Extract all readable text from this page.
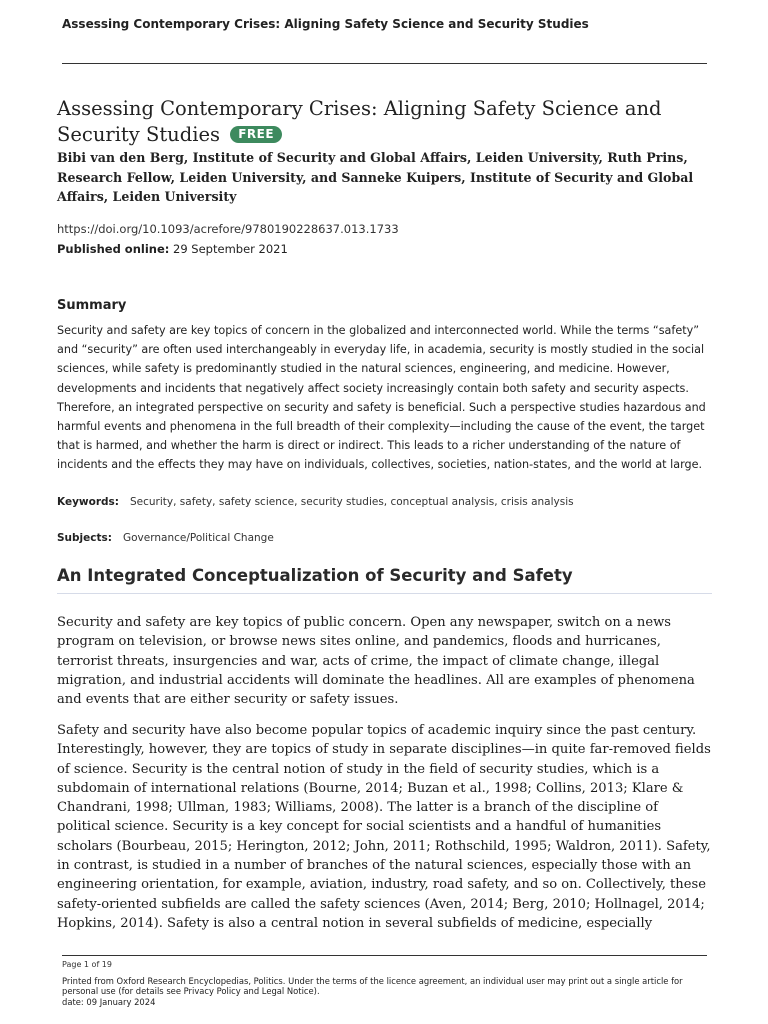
Assessing Contemporary Crises: Aligning Safety Science and Security Studies
Assessing Contemporary Crises: Aligning Safety Science and Security Studies FREE
Bibi van den Berg, Institute of Security and Global Affairs, Leiden University, Ruth Prins, Research Fellow, Leiden University, and Sanneke Kuipers, Institute of Security and Global Affairs, Leiden University
https://doi.org/10.1093/acrefore/9780190228637.013.1733
Published online: 29 September 2021
Summary

Security and safety are key topics of concern in the globalized and interconnected world. While the terms “safety” and “security” are often used interchangeably in everyday life, in academia, security is mostly studied in the social sciences, while safety is predominantly studied in the natural sciences, engineering, and medicine. However, developments and incidents that negatively affect society increasingly contain both safety and security aspects. Therefore, an integrated perspective on security and safety is beneficial. Such a perspective studies hazardous and harmful events and phenomena in the full breadth of their complexity—including the cause of the event, the target that is harmed, and whether the harm is direct or indirect. This leads to a richer understanding of the nature of incidents and the effects they may have on individuals, collectives, societies, nation-states, and the world at large.

Keywords: Security, safety, safety science, security studies, conceptual analysis, crisis analysis
Subjects: Governance/Political Change
An Integrated Conceptualization of Security and Safety

Security and safety are key topics of public concern. Open any newspaper, switch on a news program on television, or browse news sites online, and pandemics, floods and hurricanes, terrorist threats, insurgencies and war, acts of crime, the impact of climate change, illegal migration, and industrial accidents will dominate the headlines. All are examples of phenomena and events that are either security or safety issues.

Safety and security have also become popular topics of academic inquiry since the past century. Interestingly, however, they are topics of study in separate disciplines—in quite far-removed fields of science. Security is the central notion of study in the field of security studies, which is a subdomain of international relations (Bourne, 2014; Buzan et al., 1998; Collins, 2013; Klare & Chandrani, 1998; Ullman, 1983; Williams, 2008). The latter is a branch of the discipline of political science. Security is a key concept for social scientists and a handful of humanities scholars (Bourbeau, 2015; Herington, 2012; John, 2011; Rothschild, 1995; Waldron, 2011). Safety, in contrast, is studied in a number of branches of the natural sciences, especially those with an engineering orientation, for example, aviation, industry, road safety, and so on. Collectively, these safety-oriented subfields are called the safety sciences (Aven, 2014; Berg, 2010; Hollnagel, 2014; Hopkins, 2014). Safety is also a central notion in several subfields of medicine, especially

Page 1 of 19
Printed from Oxford Research Encyclopedias, Politics. Under the terms of the licence agreement, an individual user may print out a single article for personal use (for details see Privacy Policy and Legal Notice).
date: 09 January 2024
